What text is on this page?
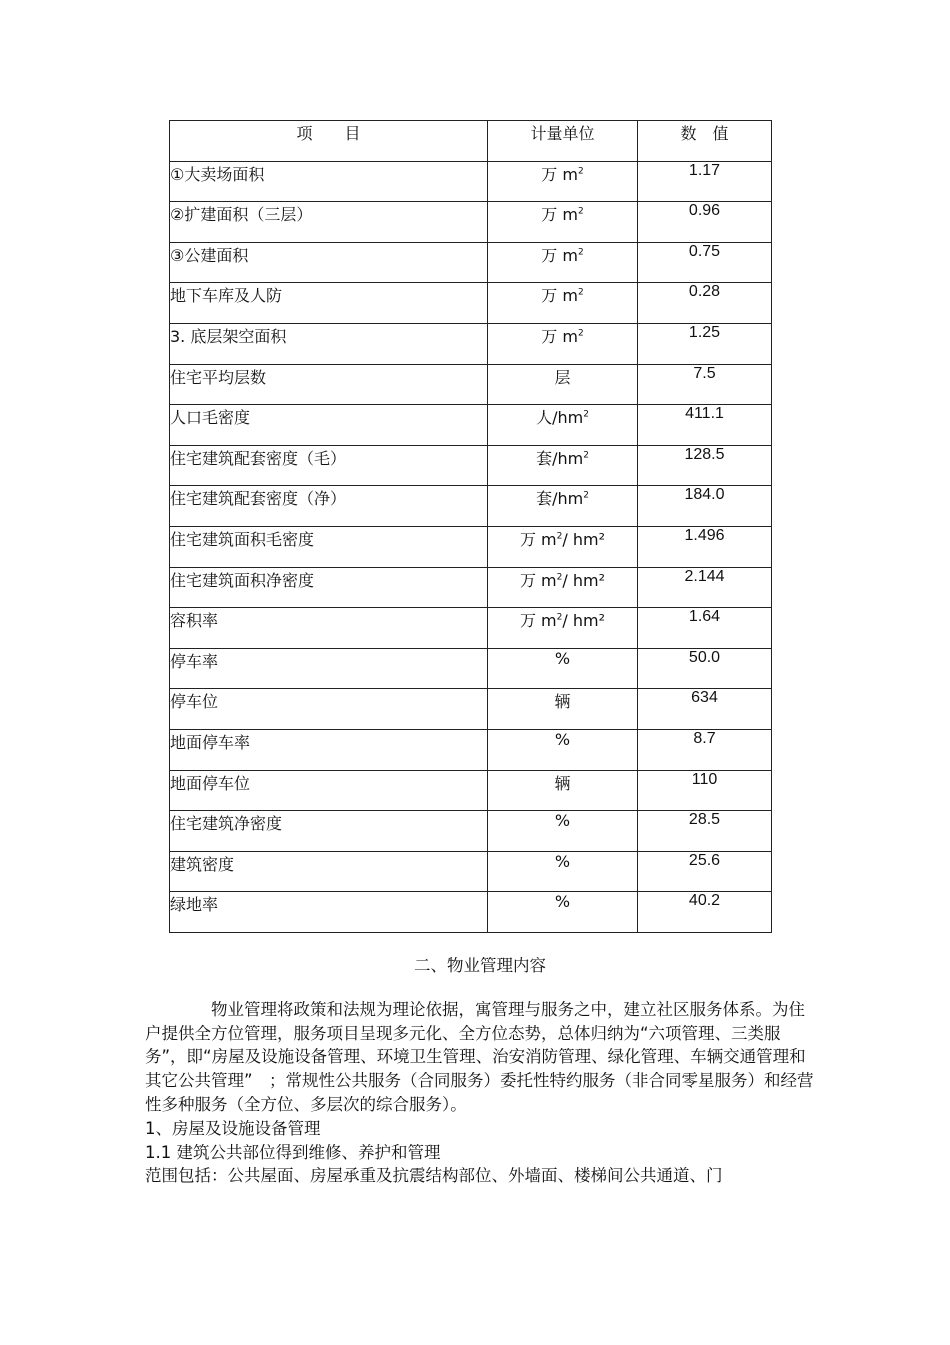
项　　目	计量单位	数　值
①大卖场面积	万 $m^2$	1.17
②扩建面积（三层）	万 $m^2$	0.96
③公建面积	万 $m^2$	0.75
地下车库及人防	万 $m^2$	0.28
3. 底层架空面积	万 $m^2$	1.25
住宅平均层数	层	7.5
人口毛密度	人$/hm^2$	411.1
住宅建筑配套密度（毛）	套$/hm^2$	128.5
住宅建筑配套密度（净）	套$/hm^2$	184.0
住宅建筑面积毛密度	万 $m^2/$ hm²	1.496
住宅建筑面积净密度	万 $m^2/$ hm²	2.144
容积率	万 $m^2/$ hm²	1.64
停车率	%	50.0
停车位	辆	634
地面停车率	%	8.7
地面停车位	辆	110
住宅建筑净密度	%	28.5
建筑密度	%	25.6
绿地率	%	40.2

二、物业管理内容

物业管理将政策和法规为理论依据，寓管理与服务之中，建立社区服务体系。为住户提供全方位管理，服务项目呈现多元化、全方位态势，总体归纳为“六项管理、三类服务”，即“房屋及设施设备管理、环境卫生管理、治安消防管理、绿化管理、车辆交通管理和其它公共管理”　；常规性公共服务（合同服务）委托性特约服务（非合同零星服务）和经营性多种服务（全方位、多层次的综合服务）。

1、房屋及设施设备管理

1.1 建筑公共部位得到维修、养护和管理

范围包括：公共屋面、房屋承重及抗震结构部位、外墙面、楼梯间公共通道、门
